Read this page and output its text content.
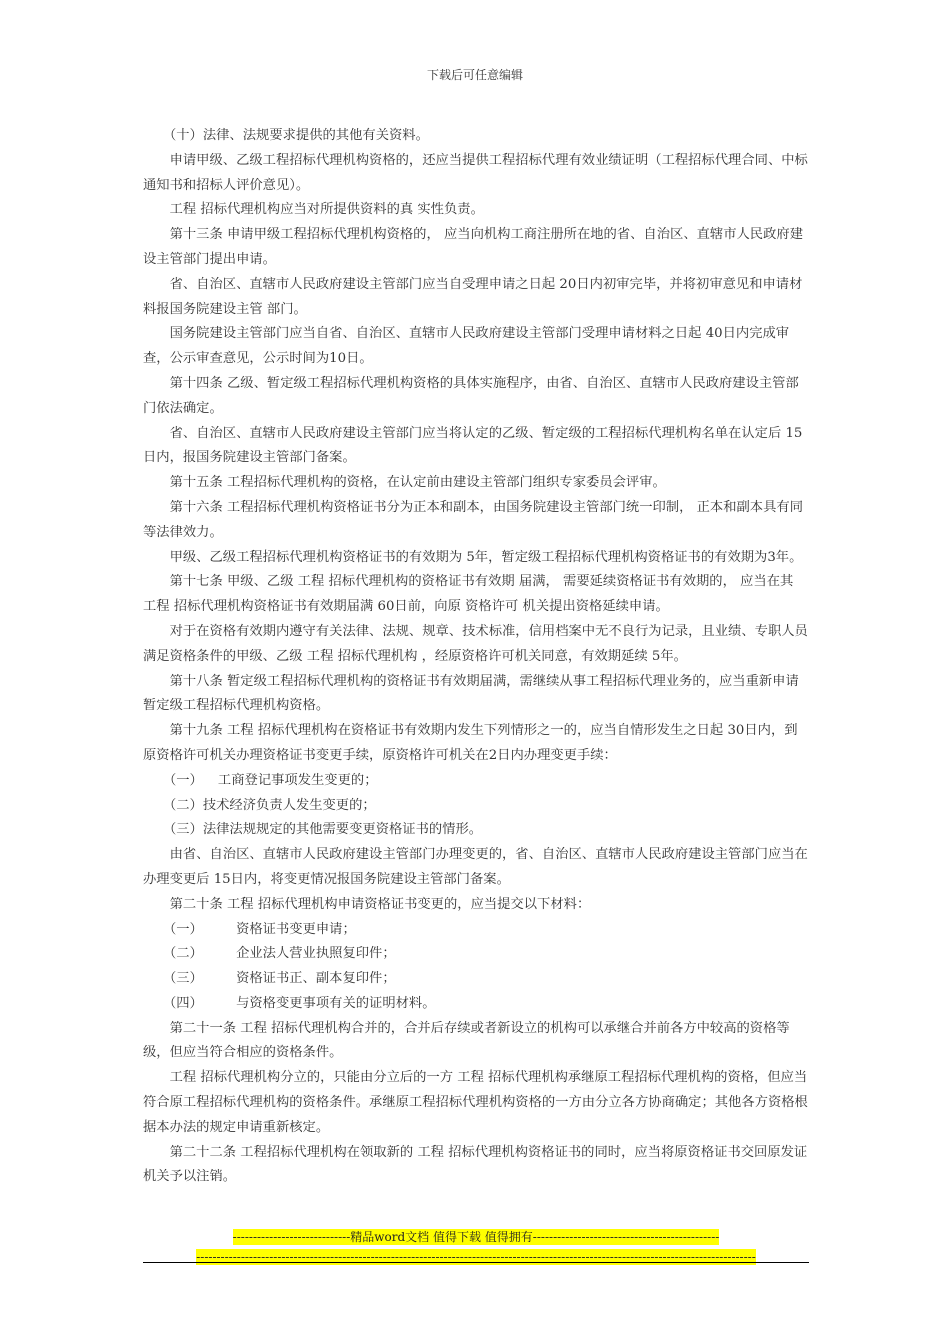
下载后可任意编辑

　　（十）法律、法规要求提供的其他有关资料。

　　申请甲级、乙级工程招标代理机构资格的，还应当提供工程招标代理有效业绩证明（工程招标代理合同、中标通知书和招标人评价意见）。

　　工程 招标代理机构应当对所提供资料的真 实性负责。

　　第十三条 申请甲级工程招标代理机构资格的， 应当向机构工商注册所在地的省、自治区、直辖市人民政府建设主管部门提出申请。

　　省、自治区、直辖市人民政府建设主管部门应当自受理申请之日起 20日内初审完毕，并将初审意见和申请材料报国务院建设主管 部门。

　　国务院建设主管部门应当自省、自治区、直辖市人民政府建设主管部门受理申请材料之日起 40日内完成审查，公示审查意见，公示时间为10日。

　　第十四条 乙级、暂定级工程招标代理机构资格的具体实施程序，由省、自治区、直辖市人民政府建设主管部门依法确定。

　　省、自治区、直辖市人民政府建设主管部门应当将认定的乙级、暂定级的工程招标代理机构名单在认定后 15日内，报国务院建设主管部门备案。

　　第十五条 工程招标代理机构的资格，在认定前由建设主管部门组织专家委员会评审。

　　第十六条 工程招标代理机构资格证书分为正本和副本，由国务院建设主管部门统一印制， 正本和副本具有同等法律效力。

　　甲级、乙级工程招标代理机构资格证书的有效期为 5年，暂定级工程招标代理机构资格证书的有效期为3年。

　　第十七条 甲级、乙级 工程 招标代理机构的资格证书有效期 届满， 需要延续资格证书有效期的， 应当在其 工程 招标代理机构资格证书有效期届满 60日前，向原 资格许可 机关提出资格延续申请。

　　对于在资格有效期内遵守有关法律、法规、规章、技术标准，信用档案中无不良行为记录，且业绩、专职人员满足资格条件的甲级、乙级 工程 招标代理机构 ，经原资格许可机关同意，有效期延续 5年。

　　第十八条 暂定级工程招标代理机构的资格证书有效期届满，需继续从事工程招标代理业务的，应当重新申请暂定级工程招标代理机构资格。

　　第十九条 工程 招标代理机构在资格证书有效期内发生下列情形之一的，应当自情形发生之日起 30日内，到原资格许可机关办理资格证书变更手续，原资格许可机关在2日内办理变更手续：

　　（一）　  工商登记事项发生变更的；

　　（二）技术经济负责人发生变更的；

　　（三）法律法规规定的其他需要变更资格证书的情形。

　　由省、自治区、直辖市人民政府建设主管部门办理变更的，省、自治区、直辖市人民政府建设主管部门应当在办理变更后 15日内，将变更情况报国务院建设主管部门备案。

　　第二十条 工程 招标代理机构申请资格证书变更的，应当提交以下材料：

　　（一）　　　资格证书变更申请；

　　（二）　　　企业法人营业执照复印件；

　　（三）　　　资格证书正、副本复印件；

　　（四）　　　与资格变更事项有关的证明材料。

　　第二十一条 工程 招标代理机构合并的，合并后存续或者新设立的机构可以承继合并前各方中较高的资格等级，但应当符合相应的资格条件。

　　工程 招标代理机构分立的，只能由分立后的一方 工程 招标代理机构承继原工程招标代理机构的资格，但应当符合原工程招标代理机构的资格条件。承继原工程招标代理机构资格的一方由分立各方协商确定；其他各方资格根据本办法的规定申请重新核定。

　　第二十二条 工程招标代理机构在领取新的 工程 招标代理机构资格证书的同时，应当将原资格证书交回原发证机关予以注销。

-----------------------------精品word文档 值得下载 值得拥有----------------------------------------------
------------------------------------------------------------------------------------------------------------------------------------------
